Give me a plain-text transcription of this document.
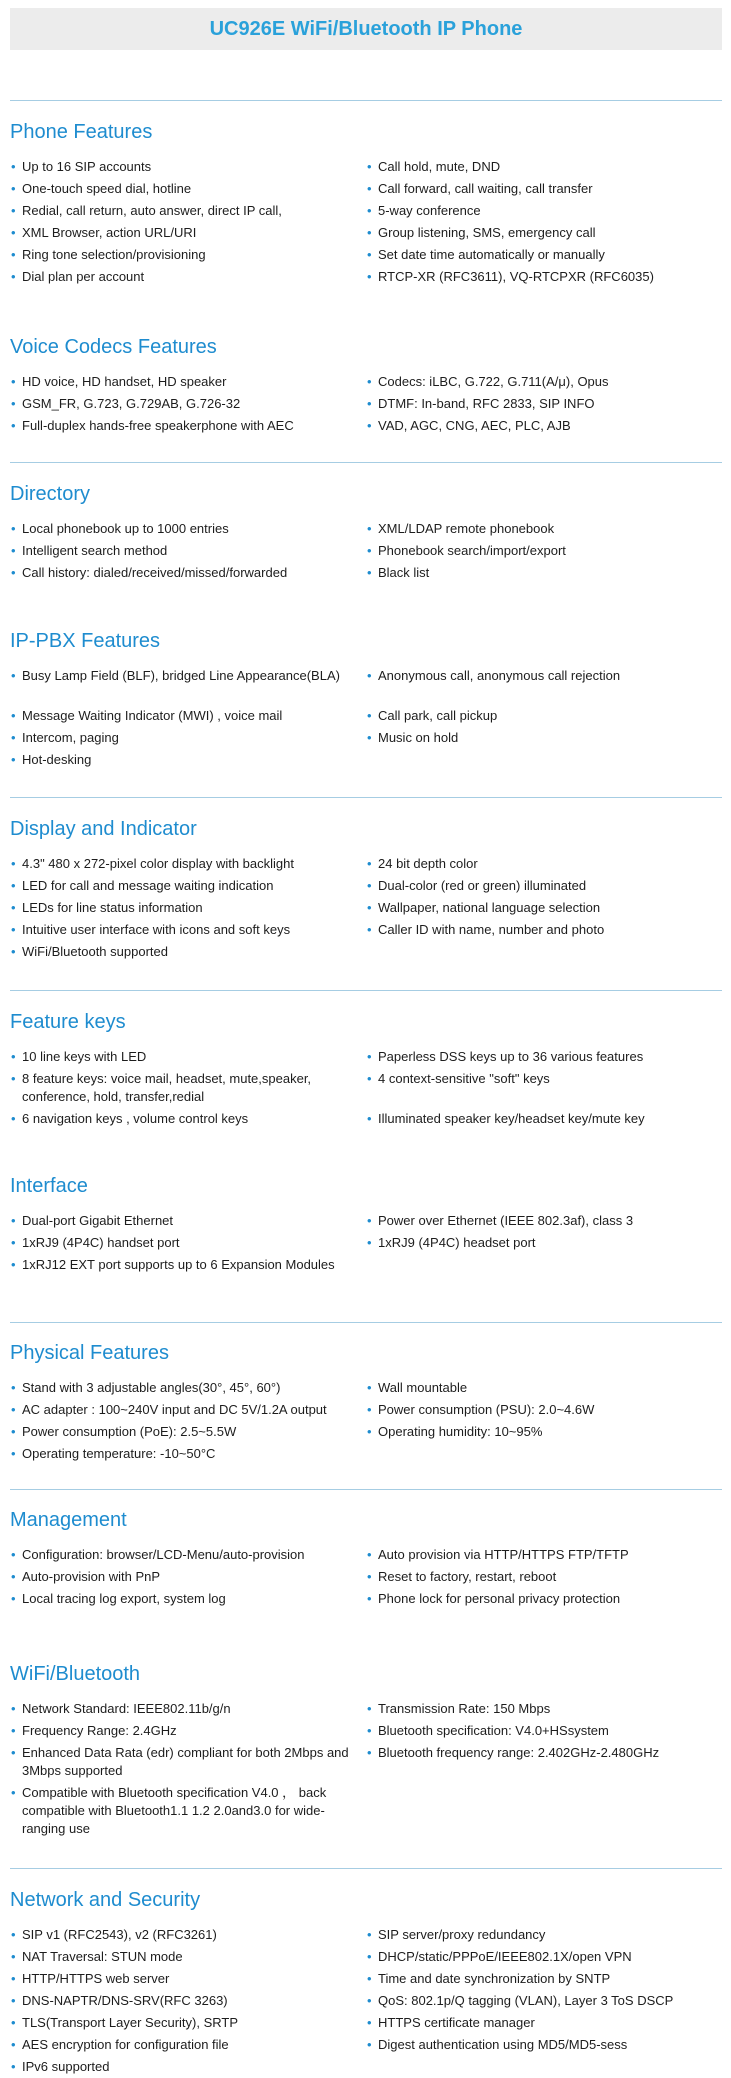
UC926E WiFi/Bluetooth IP Phone
Phone Features
• Up to 16 SIP accounts
• One-touch speed dial, hotline
• Redial, call return, auto answer, direct IP call,
• XML Browser, action URL/URI
• Ring tone selection/provisioning
• Dial plan per account
• Call hold, mute, DND
• Call forward, call waiting, call transfer
• 5-way conference
• Group listening, SMS, emergency call
• Set date time automatically or manually
• RTCP-XR (RFC3611), VQ-RTCPXR (RFC6035)
Voice Codecs Features
• HD voice, HD handset, HD speaker
• GSM_FR, G.723, G.729AB, G.726-32
• Full-duplex hands-free speakerphone with AEC
• Codecs: iLBC, G.722, G.711(A/μ), Opus
• DTMF: In-band, RFC 2833, SIP INFO
• VAD, AGC, CNG, AEC, PLC, AJB
Directory
• Local phonebook up to 1000 entries
• Intelligent search method
• Call history: dialed/received/missed/forwarded
• XML/LDAP remote phonebook
• Phonebook search/import/export
• Black list
IP-PBX Features
• Busy Lamp Field (BLF), bridged Line Appearance(BLA)
• Message Waiting Indicator (MWI) , voice mail
• Intercom, paging
• Hot-desking
• Anonymous call, anonymous call rejection
• Call park, call pickup
• Music on hold
Display and Indicator
• 4.3" 480 x 272-pixel color display with backlight
• LED for call and message waiting indication
• LEDs for line status information
• Intuitive user interface with icons and soft keys
• WiFi/Bluetooth supported
• 24 bit depth color
• Dual-color (red or green) illuminated
• Wallpaper, national language selection
• Caller ID with name, number and photo
Feature keys
• 10 line keys with LED
• 8 feature keys: voice mail, headset, mute,speaker, conference, hold, transfer,redial
• 6 navigation keys , volume control keys
• Paperless DSS keys up to 36 various features
• 4 context-sensitive "soft" keys
• Illuminated speaker key/headset key/mute key
Interface
• Dual-port Gigabit Ethernet
• 1xRJ9 (4P4C) handset port
• 1xRJ12 EXT port supports up to 6 Expansion Modules
• Power over Ethernet (IEEE 802.3af), class 3
• 1xRJ9 (4P4C) headset port
Physical Features
• Stand with 3 adjustable angles(30°, 45°, 60°)
• AC adapter : 100~240V input and DC 5V/1.2A output
• Power consumption (PoE): 2.5~5.5W
• Operating temperature: -10~50°C
• Wall mountable
• Power consumption (PSU): 2.0~4.6W
• Operating humidity: 10~95%
Management
• Configuration: browser/LCD-Menu/auto-provision
• Auto-provision with PnP
• Local tracing log export, system log
• Auto provision via HTTP/HTTPS FTP/TFTP
• Reset to factory, restart, reboot
• Phone lock for personal privacy protection
WiFi/Bluetooth
• Network Standard: IEEE802.11b/g/n
• Frequency Range: 2.4GHz
• Enhanced Data Rata (edr) compliant for both 2Mbps and 3Mbps supported
• Compatible with Bluetooth specification V4.0 ， back compatible with Bluetooth1.1 1.2 2.0and3.0 for wide-ranging use
• Transmission Rate: 150 Mbps
• Bluetooth specification: V4.0+HSsystem
• Bluetooth frequency range: 2.402GHz-2.480GHz
Network and Security
• SIP v1 (RFC2543), v2 (RFC3261)
• NAT Traversal: STUN mode
• HTTP/HTTPS web server
• DNS-NAPTR/DNS-SRV(RFC 3263)
• TLS(Transport Layer Security), SRTP
• AES encryption for configuration file
• IPv6 supported
• SIP server/proxy redundancy
• DHCP/static/PPPoE/IEEE802.1X/open VPN
• Time and date synchronization by SNTP
• QoS: 802.1p/Q tagging (VLAN), Layer 3 ToS DSCP
• HTTPS certificate manager
• Digest authentication using MD5/MD5-sess
